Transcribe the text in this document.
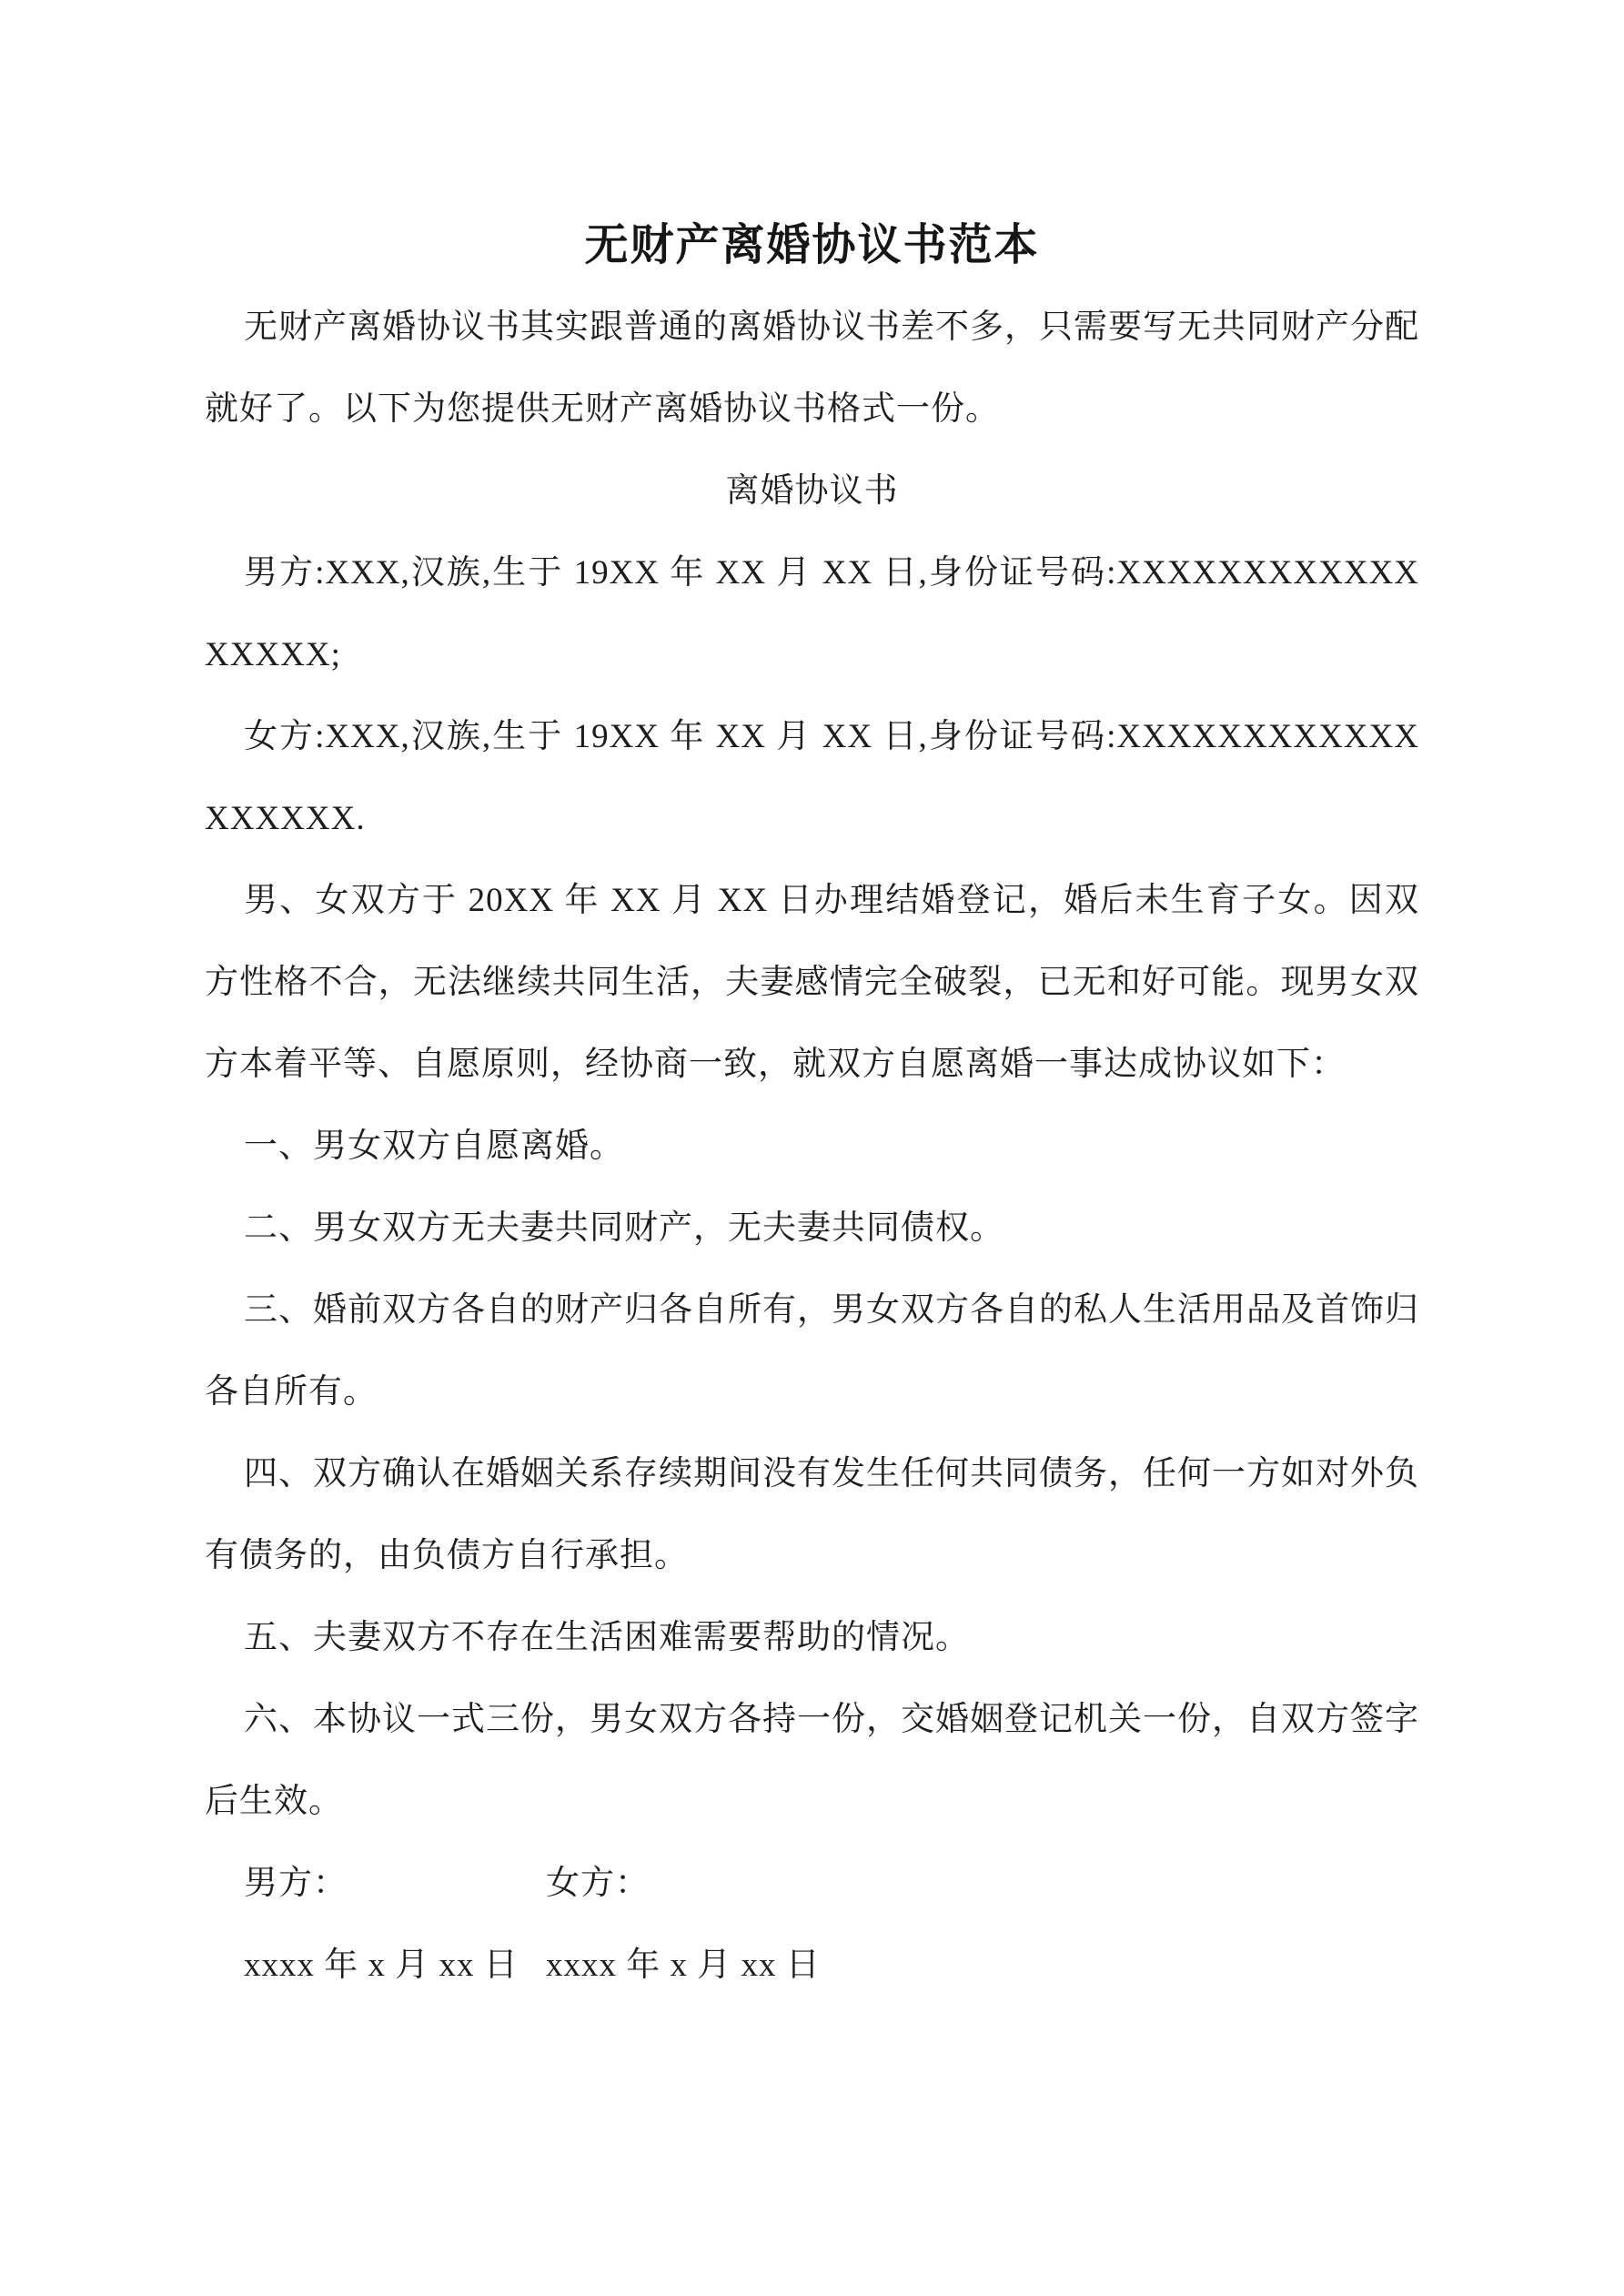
无财产离婚协议书范本

无财产离婚协议书其实跟普通的离婚协议书差不多，只需要写无共同财产分配就好了。以下为您提供无财产离婚协议书格式一份。

离婚协议书

男方:XXX,汉族,生于 19XX 年 XX 月 XX 日,身份证号码:XXXXXXXXXXXXXXXXX;

女方:XXX,汉族,生于 19XX 年 XX 月 XX 日,身份证号码:XXXXXXXXXXXXXXXXXX.

男、女双方于 20XX 年 XX 月 XX 日办理结婚登记，婚后未生育子女。因双方性格不合，无法继续共同生活，夫妻感情完全破裂，已无和好可能。现男女双方本着平等、自愿原则，经协商一致，就双方自愿离婚一事达成协议如下：

一、男女双方自愿离婚。

二、男女双方无夫妻共同财产，无夫妻共同债权。

三、婚前双方各自的财产归各自所有，男女双方各自的私人生活用品及首饰归各自所有。

四、双方确认在婚姻关系存续期间没有发生任何共同债务，任何一方如对外负有债务的，由负债方自行承担。

五、夫妻双方不存在生活困难需要帮助的情况。

六、本协议一式三份，男女双方各持一份，交婚姻登记机关一份，自双方签字后生效。

男方：	女方：
xxxx 年 x 月 xx 日 xxxx 年 x 月 xx 日
